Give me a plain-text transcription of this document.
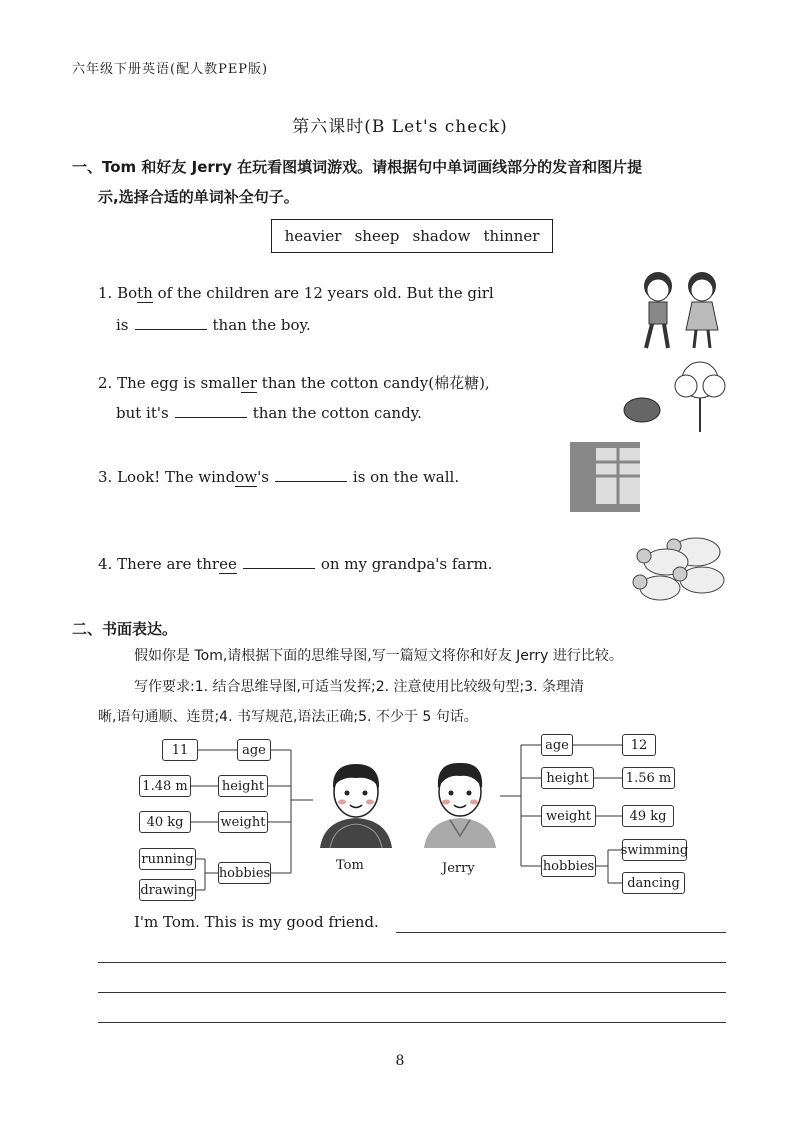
六年级下册英语(配人教PEP版)
第六课时(B Let's check)
一、Tom 和好友 Jerry 在玩看图填词游戏。请根据句中单词画线部分的发音和图片提
示,选择合适的单词补全句子。
heavier sheep shadow thinner
1. Both of the children are 12 years old. But the girl
is	than the boy.
2. The egg is smaller than the cotton candy(棉花糖),
but it's	than the cotton candy.
3. Look! The window's	is on the wall.
4. There are three	on my grandpa's farm.
二、书面表达。
假如你是 Tom,请根据下面的思维导图,写一篇短文将你和好友 Jerry 进行比较。
写作要求:1. 结合思维导图,可适当发挥;2. 注意使用比较级句型;3. 条理清
晰,语句通顺、连贯;4. 书写规范,语法正确;5. 不少于 5 句话。
11	age
1.48 m	height
40 kg	weight
running
drawing
hobbies	Tom	Jerry
age	12
height	1.56 m
weight	49 kg
hobbies
swimming
dancing
I'm Tom. This is my good friend.
8
